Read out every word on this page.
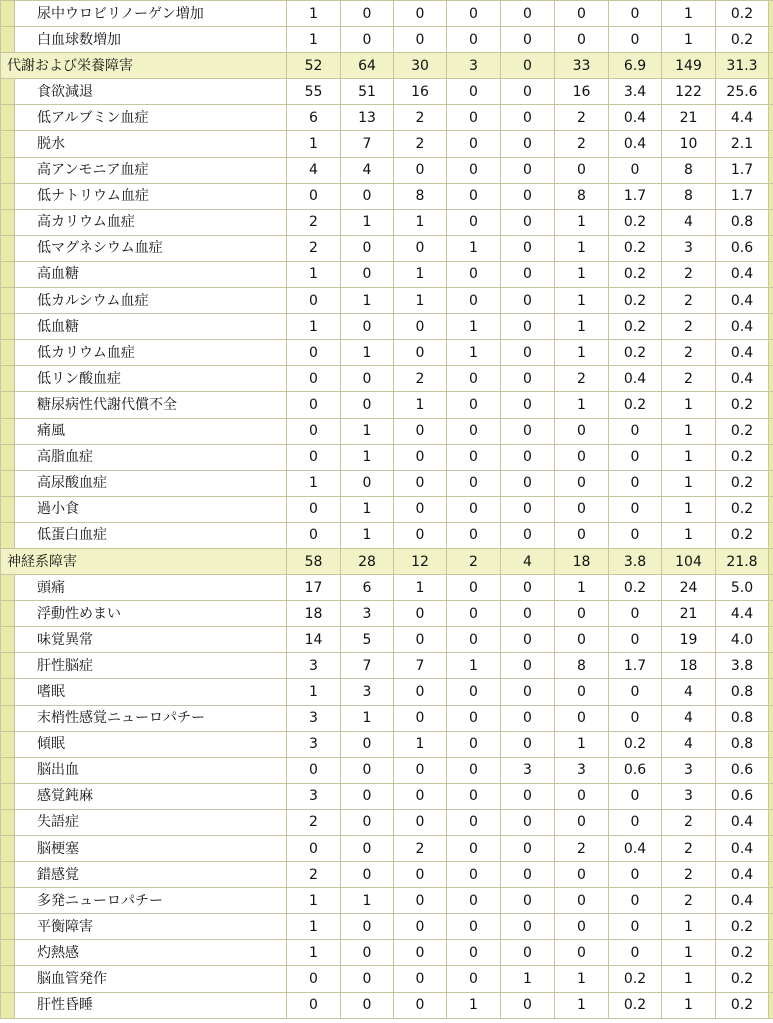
	尿中ウロビリノーゲン増加	1	0	0	0	0	0	0	1	0.2	
	白血球数増加	1	0	0	0	0	0	0	1	0.2	
代謝および栄養障害		52	64	30	3	0	33	6.9	149	31.3	
	食欲減退	55	51	16	0	0	16	3.4	122	25.6	
	低アルブミン血症	6	13	2	0	0	2	0.4	21	4.4	
	脱水	1	7	2	0	0	2	0.4	10	2.1	
	高アンモニア血症	4	4	0	0	0	0	0	8	1.7	
	低ナトリウム血症	0	0	8	0	0	8	1.7	8	1.7	
	高カリウム血症	2	1	1	0	0	1	0.2	4	0.8	
	低マグネシウム血症	2	0	0	1	0	1	0.2	3	0.6	
	高血糖	1	0	1	0	0	1	0.2	2	0.4	
	低カルシウム血症	0	1	1	0	0	1	0.2	2	0.4	
	低血糖	1	0	0	1	0	1	0.2	2	0.4	
	低カリウム血症	0	1	0	1	0	1	0.2	2	0.4	
	低リン酸血症	0	0	2	0	0	2	0.4	2	0.4	
	糖尿病性代謝代償不全	0	0	1	0	0	1	0.2	1	0.2	
	痛風	0	1	0	0	0	0	0	1	0.2	
	高脂血症	0	1	0	0	0	0	0	1	0.2	
	高尿酸血症	1	0	0	0	0	0	0	1	0.2	
	過小食	0	1	0	0	0	0	0	1	0.2	
	低蛋白血症	0	1	0	0	0	0	0	1	0.2	
神経系障害		58	28	12	2	4	18	3.8	104	21.8	
	頭痛	17	6	1	0	0	1	0.2	24	5.0	
	浮動性めまい	18	3	0	0	0	0	0	21	4.4	
	味覚異常	14	5	0	0	0	0	0	19	4.0	
	肝性脳症	3	7	7	1	0	8	1.7	18	3.8	
	嗜眠	1	3	0	0	0	0	0	4	0.8	
	末梢性感覚ニューロパチー	3	1	0	0	0	0	0	4	0.8	
	傾眠	3	0	1	0	0	1	0.2	4	0.8	
	脳出血	0	0	0	0	3	3	0.6	3	0.6	
	感覚鈍麻	3	0	0	0	0	0	0	3	0.6	
	失語症	2	0	0	0	0	0	0	2	0.4	
	脳梗塞	0	0	2	0	0	2	0.4	2	0.4	
	錯感覚	2	0	0	0	0	0	0	2	0.4	
	多発ニューロパチー	1	1	0	0	0	0	0	2	0.4	
	平衡障害	1	0	0	0	0	0	0	1	0.2	
	灼熱感	1	0	0	0	0	0	0	1	0.2	
	脳血管発作	0	0	0	0	1	1	0.2	1	0.2	
	肝性昏睡	0	0	0	1	0	1	0.2	1	0.2	
